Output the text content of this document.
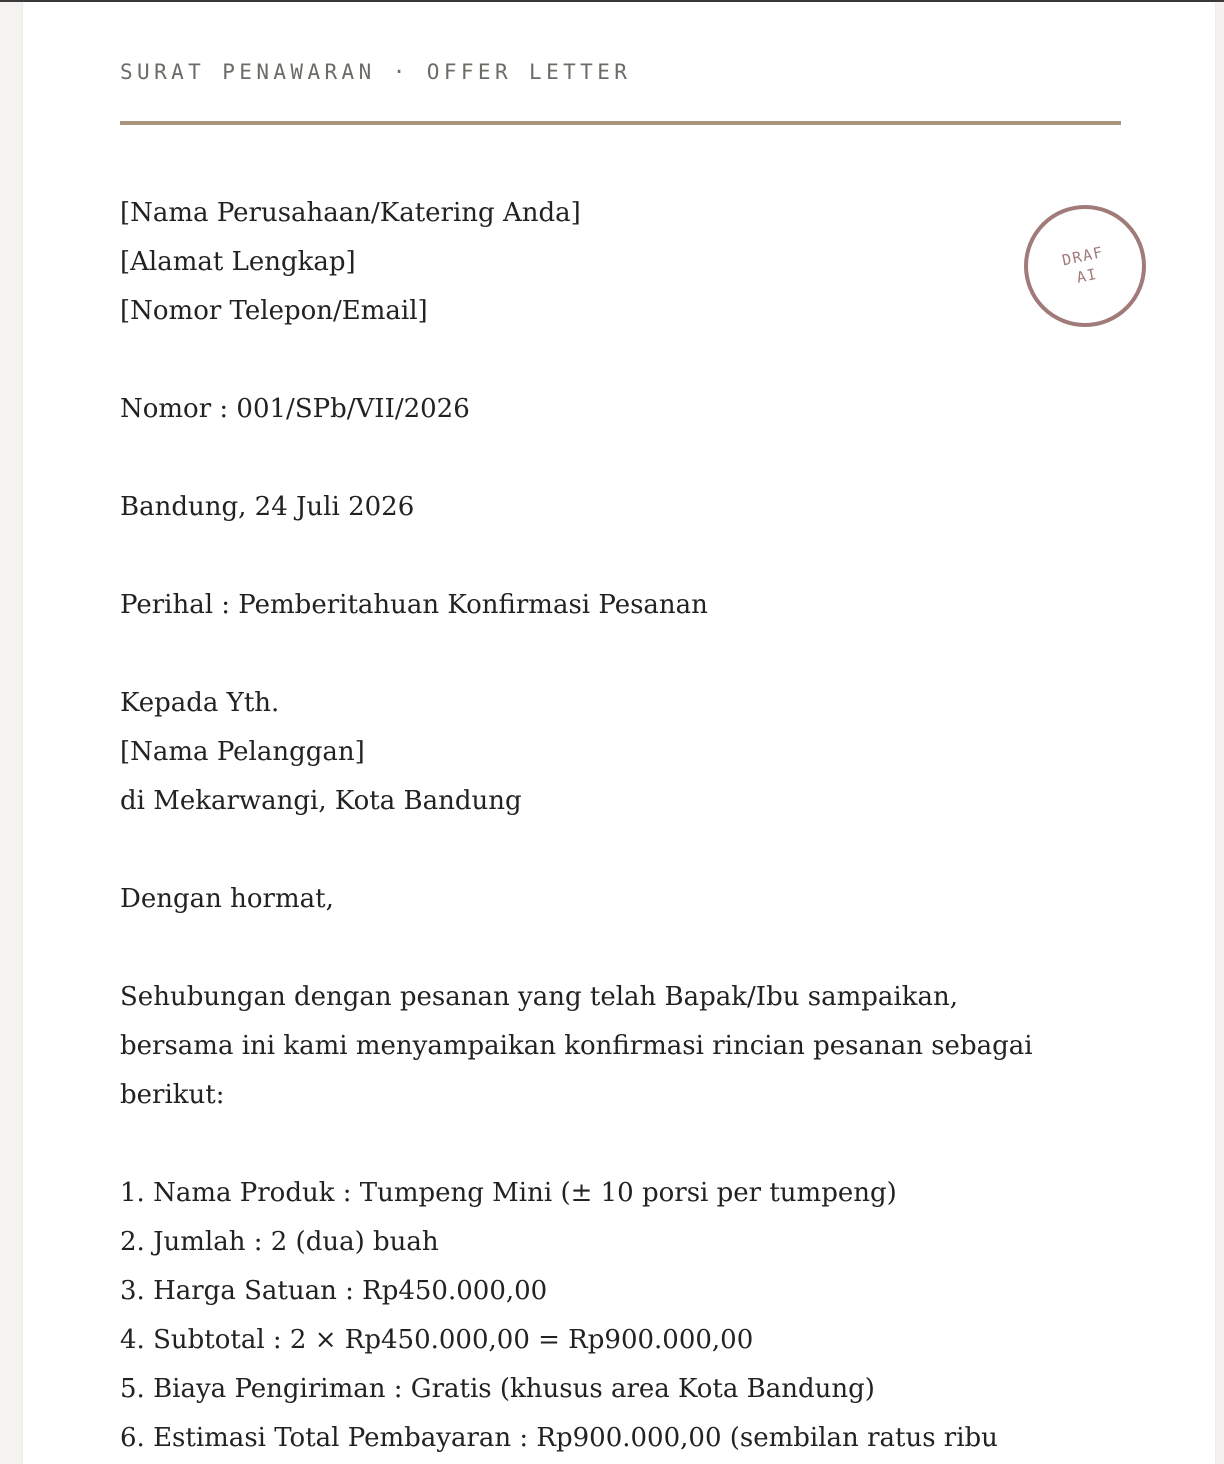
SURAT PENAWARAN · OFFER LETTER
DRAF
AI
[Nama Perusahaan/Katering Anda]
[Alamat Lengkap]
[Nomor Telepon/Email]
Nomor : 001/SPb/VII/2026
Bandung, 24 Juli 2026
Perihal : Pemberitahuan Konfirmasi Pesanan
Kepada Yth.
[Nama Pelanggan]
di Mekarwangi, Kota Bandung
Dengan hormat,
Sehubungan dengan pesanan yang telah Bapak/Ibu sampaikan,
bersama ini kami menyampaikan konfirmasi rincian pesanan sebagai
berikut:
1. Nama Produk : Tumpeng Mini (± 10 porsi per tumpeng)
2. Jumlah : 2 (dua) buah
3. Harga Satuan : Rp450.000,00
4. Subtotal : 2 × Rp450.000,00 = Rp900.000,00
5. Biaya Pengiriman : Gratis (khusus area Kota Bandung)
6. Estimasi Total Pembayaran : Rp900.000,00 (sembilan ratus ribu
